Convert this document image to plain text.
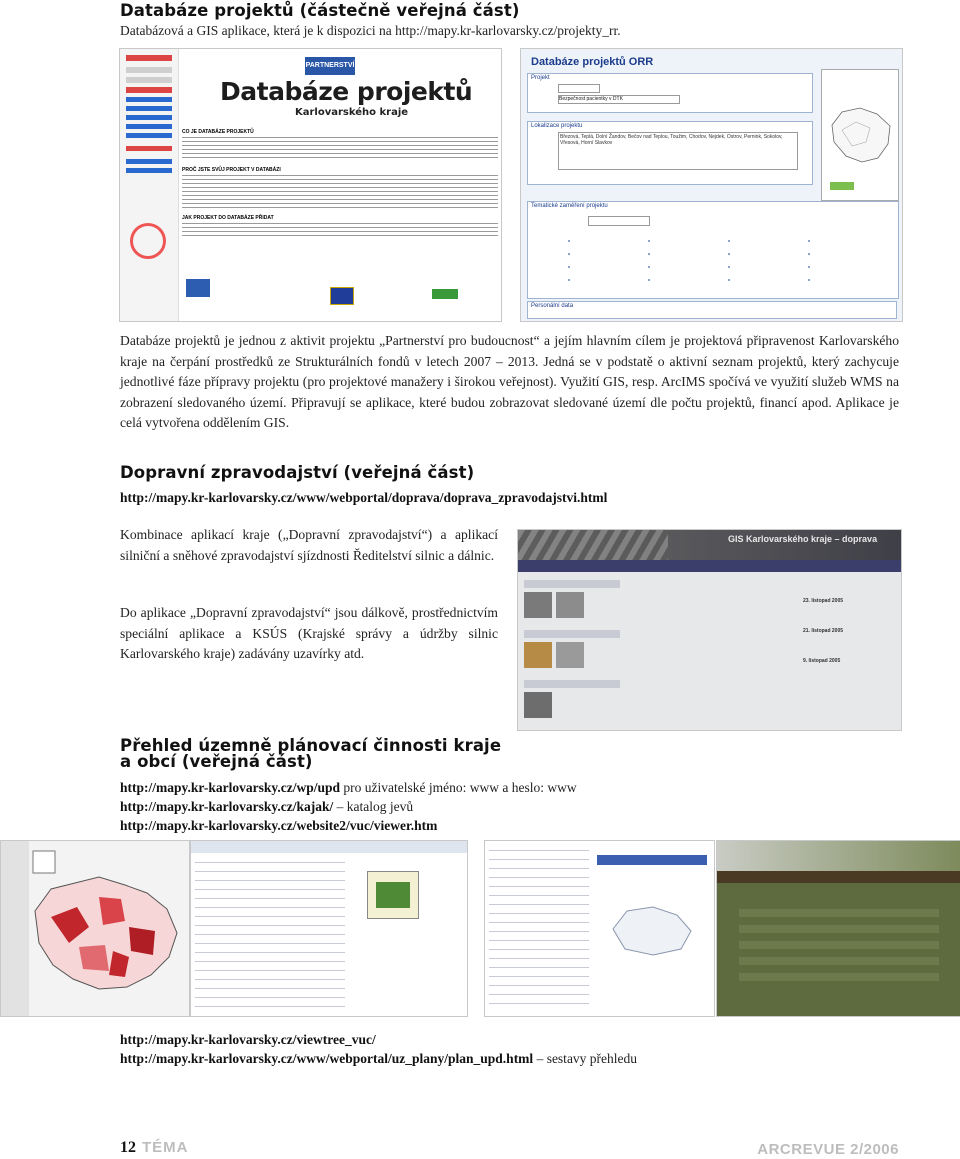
Databáze projektů (částečně veřejná část)
Databázová a GIS aplikace, která je k dispozici na http://mapy.kr-karlovarsky.cz/projekty_rr.
PARTNERSTVÍ
Databáze projektů
Karlovarského kraje
CO JE DATABÁZE PROJEKTŮ
PROČ JSTE SVŮJ PROJEKT V DATABÁZI
JAK PROJEKT DO DATABÁZE PŘIDAT
Databáze projektů ORR
Projekt
Bezpečnost pacientky v DTK
Lokalizace projektu
Březová, Teplá, Dolní Žandov, Bečov nad Teplou, Toužim, Chodov, Nejdek, Ostrov, Pernink, Sokolov, Vřesová, Horní Slavkov
Tematické zaměření projektu
Personální data

Databáze projektů je jednou z aktivit projektu „Partnerství pro budoucnost“ a jejím hlavním cílem je projektová připravenost Karlovarského kraje na čerpání prostředků ze Strukturálních fondů v letech 2007 – 2013. Jedná se v podstatě o aktivní seznam projektů, který zachycuje jednotlivé fáze přípravy projektu (pro projektové manažery i širokou veřejnost). Využití GIS, resp. ArcIMS spočívá ve využití služeb WMS na zobrazení sledovaného území. Připravují se aplikace, které budou zobrazovat sledované území dle počtu projektů, financí apod. Aplikace je celá vytvořena oddělením GIS.

Dopravní zpravodajství (veřejná část)
http://mapy.kr-karlovarsky.cz/www/webportal/doprava/doprava_zpravodajstvi.html

Kombinace aplikací kraje („Dopravní zpravodajství“) a aplikací silniční a sněhové zpravodajství sjízdnosti Ředitelství silnic a dálnic.

Do aplikace „Dopravní zpravodajství“ jsou dálkově, prostřednictvím speciální aplikace a KSÚS (Krajské správy a údržby silnic Karlovarského kraje) zadávány uzavírky atd.

GIS Karlovarského kraje – doprava
23. listopad 2005
21. listopad 2005
9. listopad 2005
Přehled územně plánovací činnosti kraje
a obcí (veřejná část)
http://mapy.kr-karlovarsky.cz/wp/upd pro uživatelské jméno: www a heslo: www
http://mapy.kr-karlovarsky.cz/kajak/ – katalog jevů
http://mapy.kr-karlovarsky.cz/website2/vuc/viewer.htm
http://mapy.kr-karlovarsky.cz/viewtree_vuc/
http://mapy.kr-karlovarsky.cz/www/webportal/uz_plany/plan_upd.html – sestavy přehledu
12 TÉMA	ARCREVUE 2/2006
